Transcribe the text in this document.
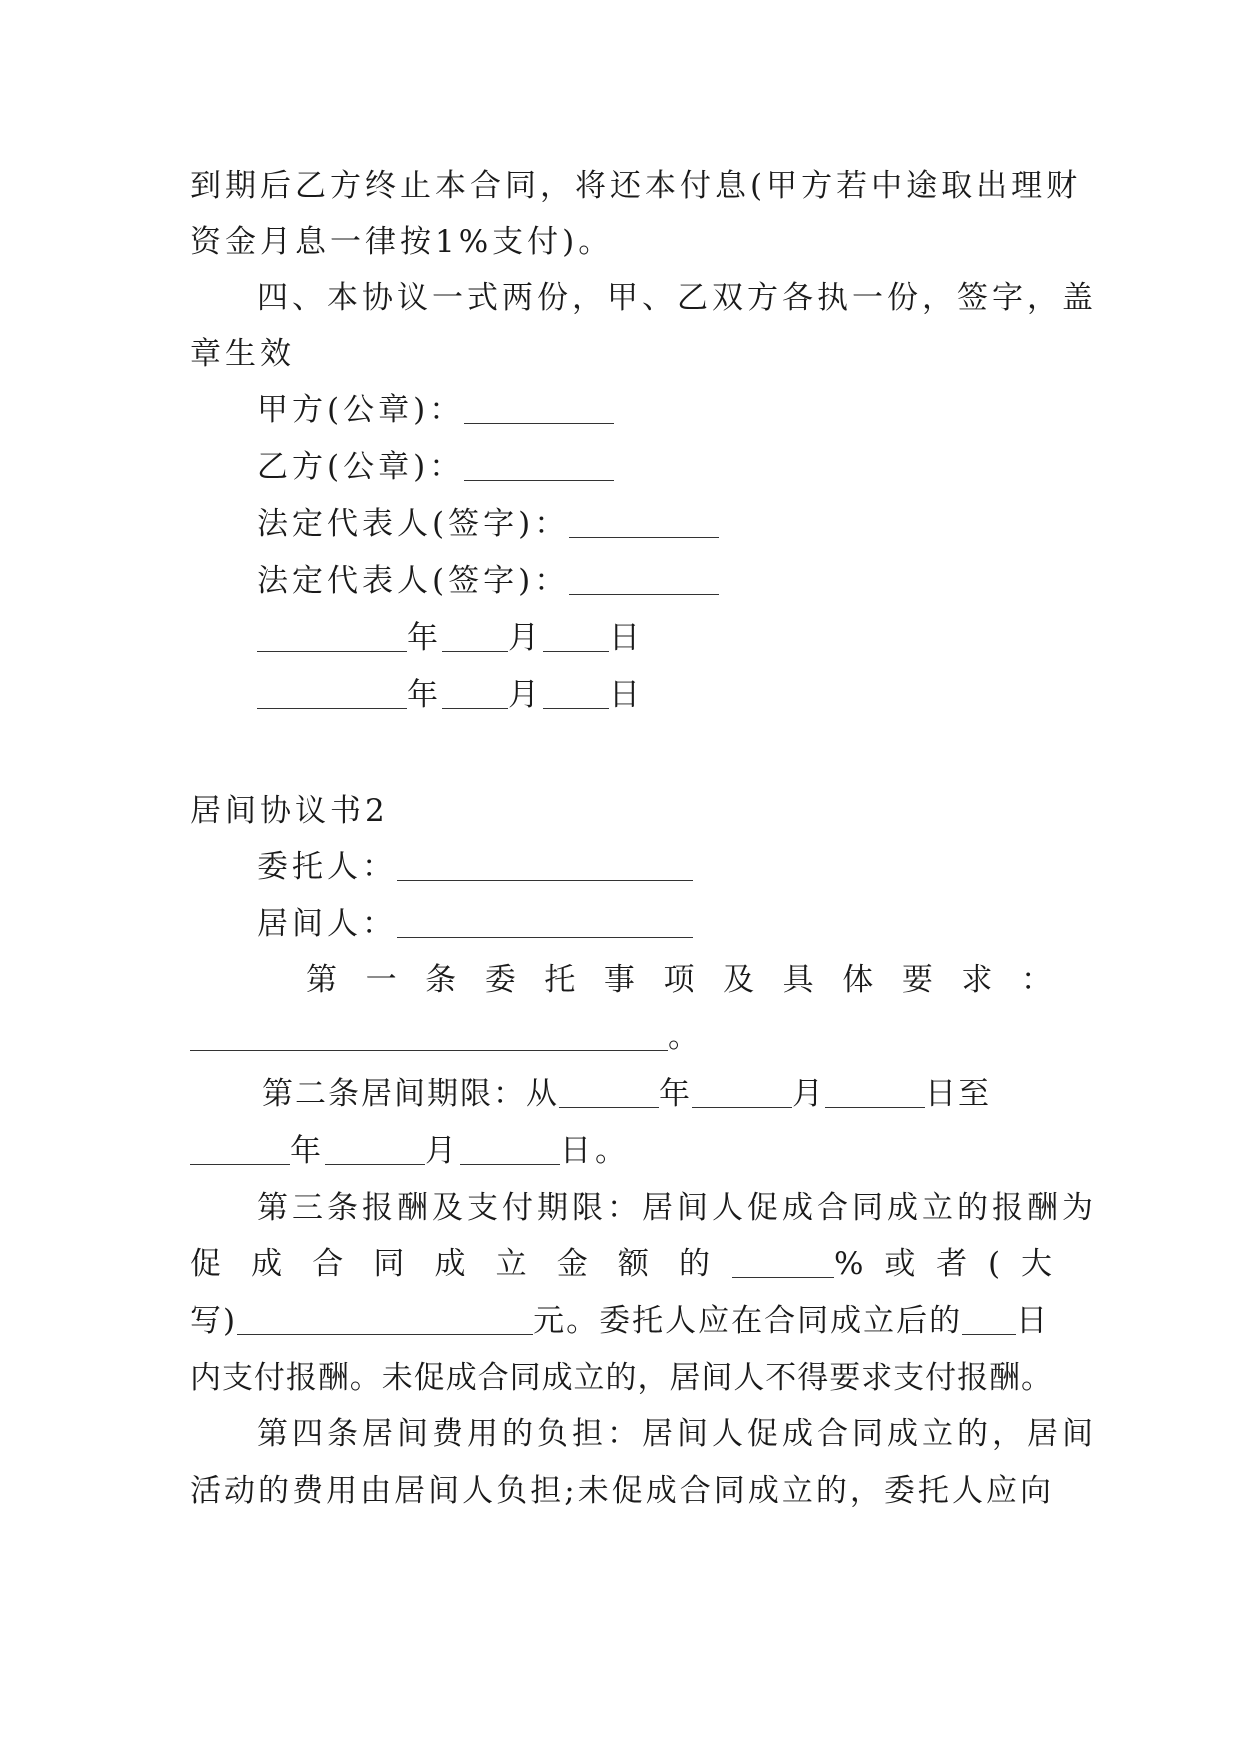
到期后乙方终止本合同，将还本付息(甲方若中途取出理财
资金月息一律按1%支付)。
四、本协议一式两份，甲、乙双方各执一份，签字，盖
章生效
甲方(公章)：
乙方(公章)：
法定代表人(签字)：
法定代表人(签字)：
年 月 日
年 月 日
居间协议书2
委托人：
居间人：
第一条委托事项及具体要求：
。
第二条居间期限：从	年	月	日至
年	月	日。
第三条报酬及支付期限：居间人促成合同成立的报酬为
促成合同成立金额的	%或者(大
写)	元。委托人应在合同成立后的 日
内支付报酬。未促成合同成立的，居间人不得要求支付报酬。
第四条居间费用的负担：居间人促成合同成立的，居间
活动的费用由居间人负担;未促成合同成立的，委托人应向
